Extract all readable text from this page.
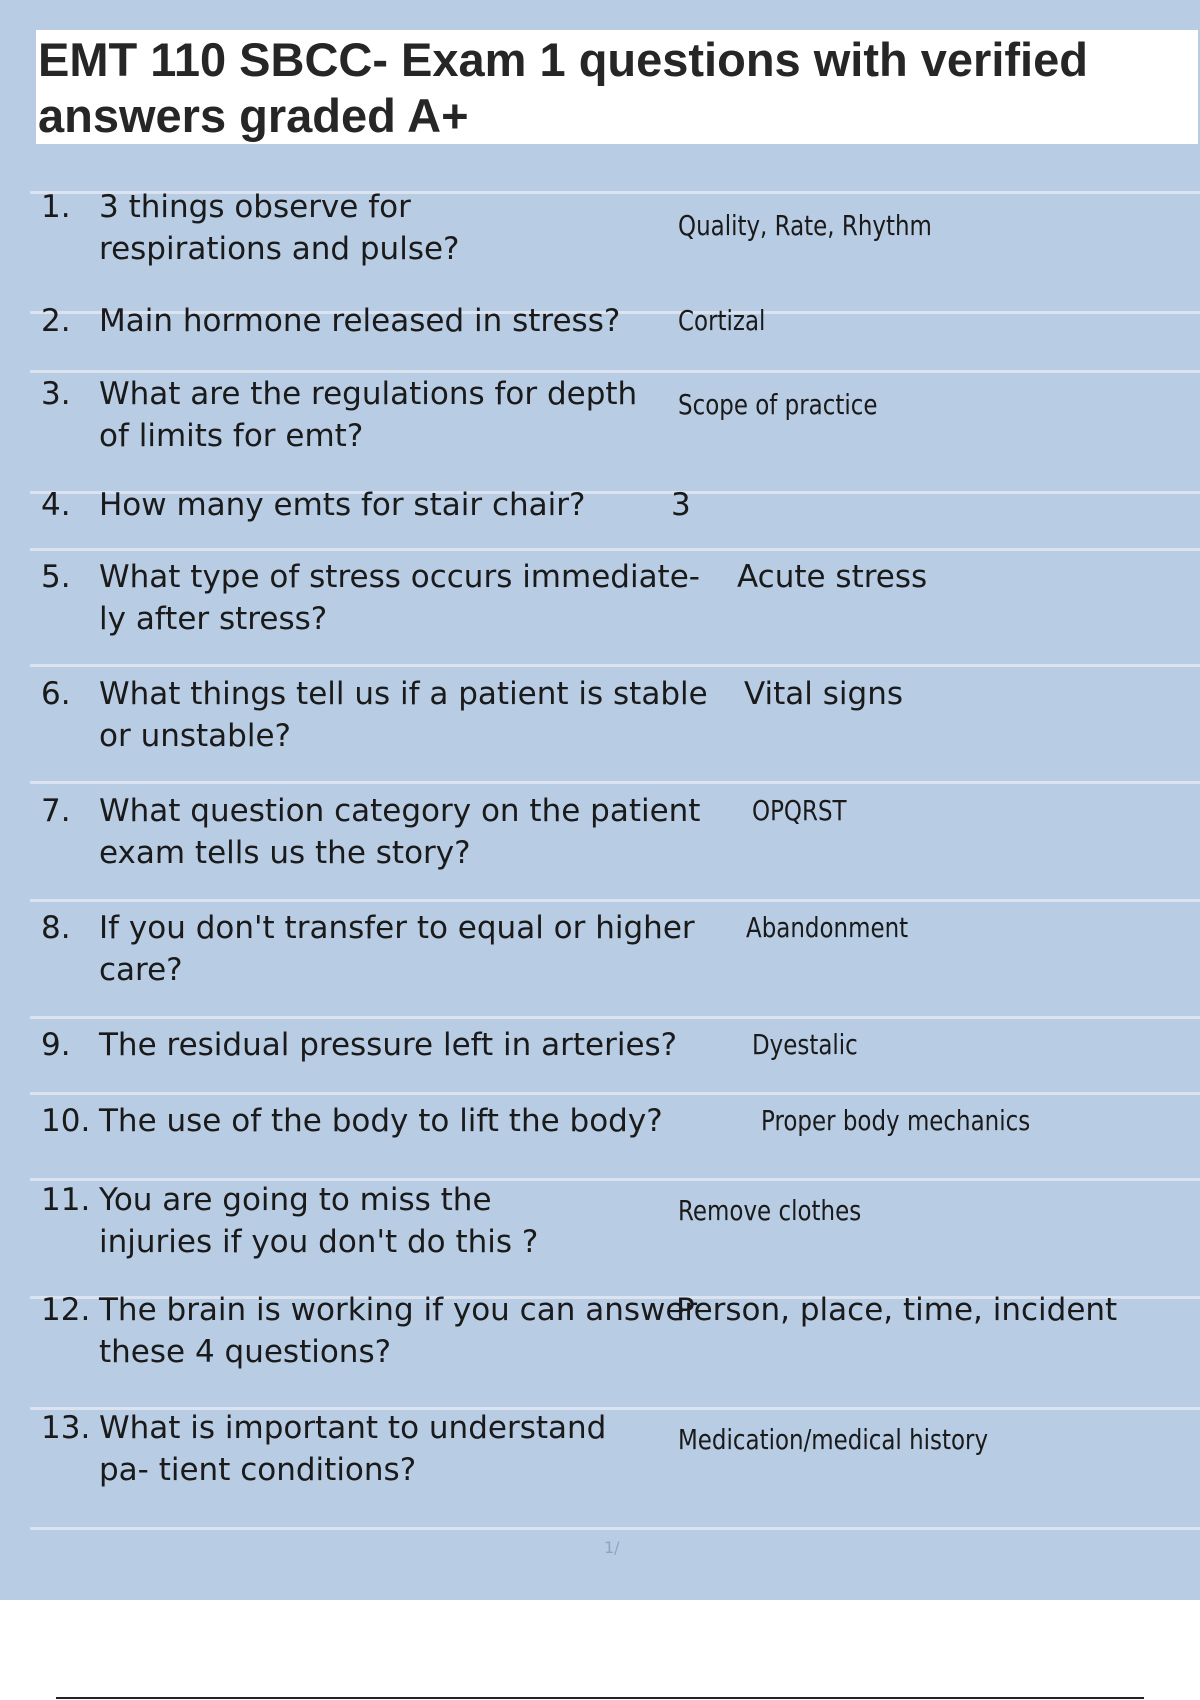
EMT 110 SBCC- Exam 1 questions with verified
answers graded A+
1. 3 things observe for
respirations and pulse?
Quality, Rate, Rhythm
2. Main hormone released in stress? Cortizal
3. What are the regulations for depth
of limits for emt?
Scope of practice
4. How many emts for stair chair?	3
5. What type of stress occurs immediate-
ly after stress?
Acute stress
6. What things tell us if a patient is stable
or unstable?
Vital signs
7. What question category on the patient
exam tells us the story?
OPQRST
8. If you don't transfer to equal or higher
care?
Abandonment
9. The residual pressure left in arteries?	Dyestalic
10. The use of the body to lift the body?	Proper body mechanics
11. You are going to miss the
injuries if you don't do this ?
Remove clothes
12. The brain is working if you can answer
these 4 questions?
Person, place, time, incident
13. What is important to understand
pa- tient conditions?
Medication/medical history
1/
